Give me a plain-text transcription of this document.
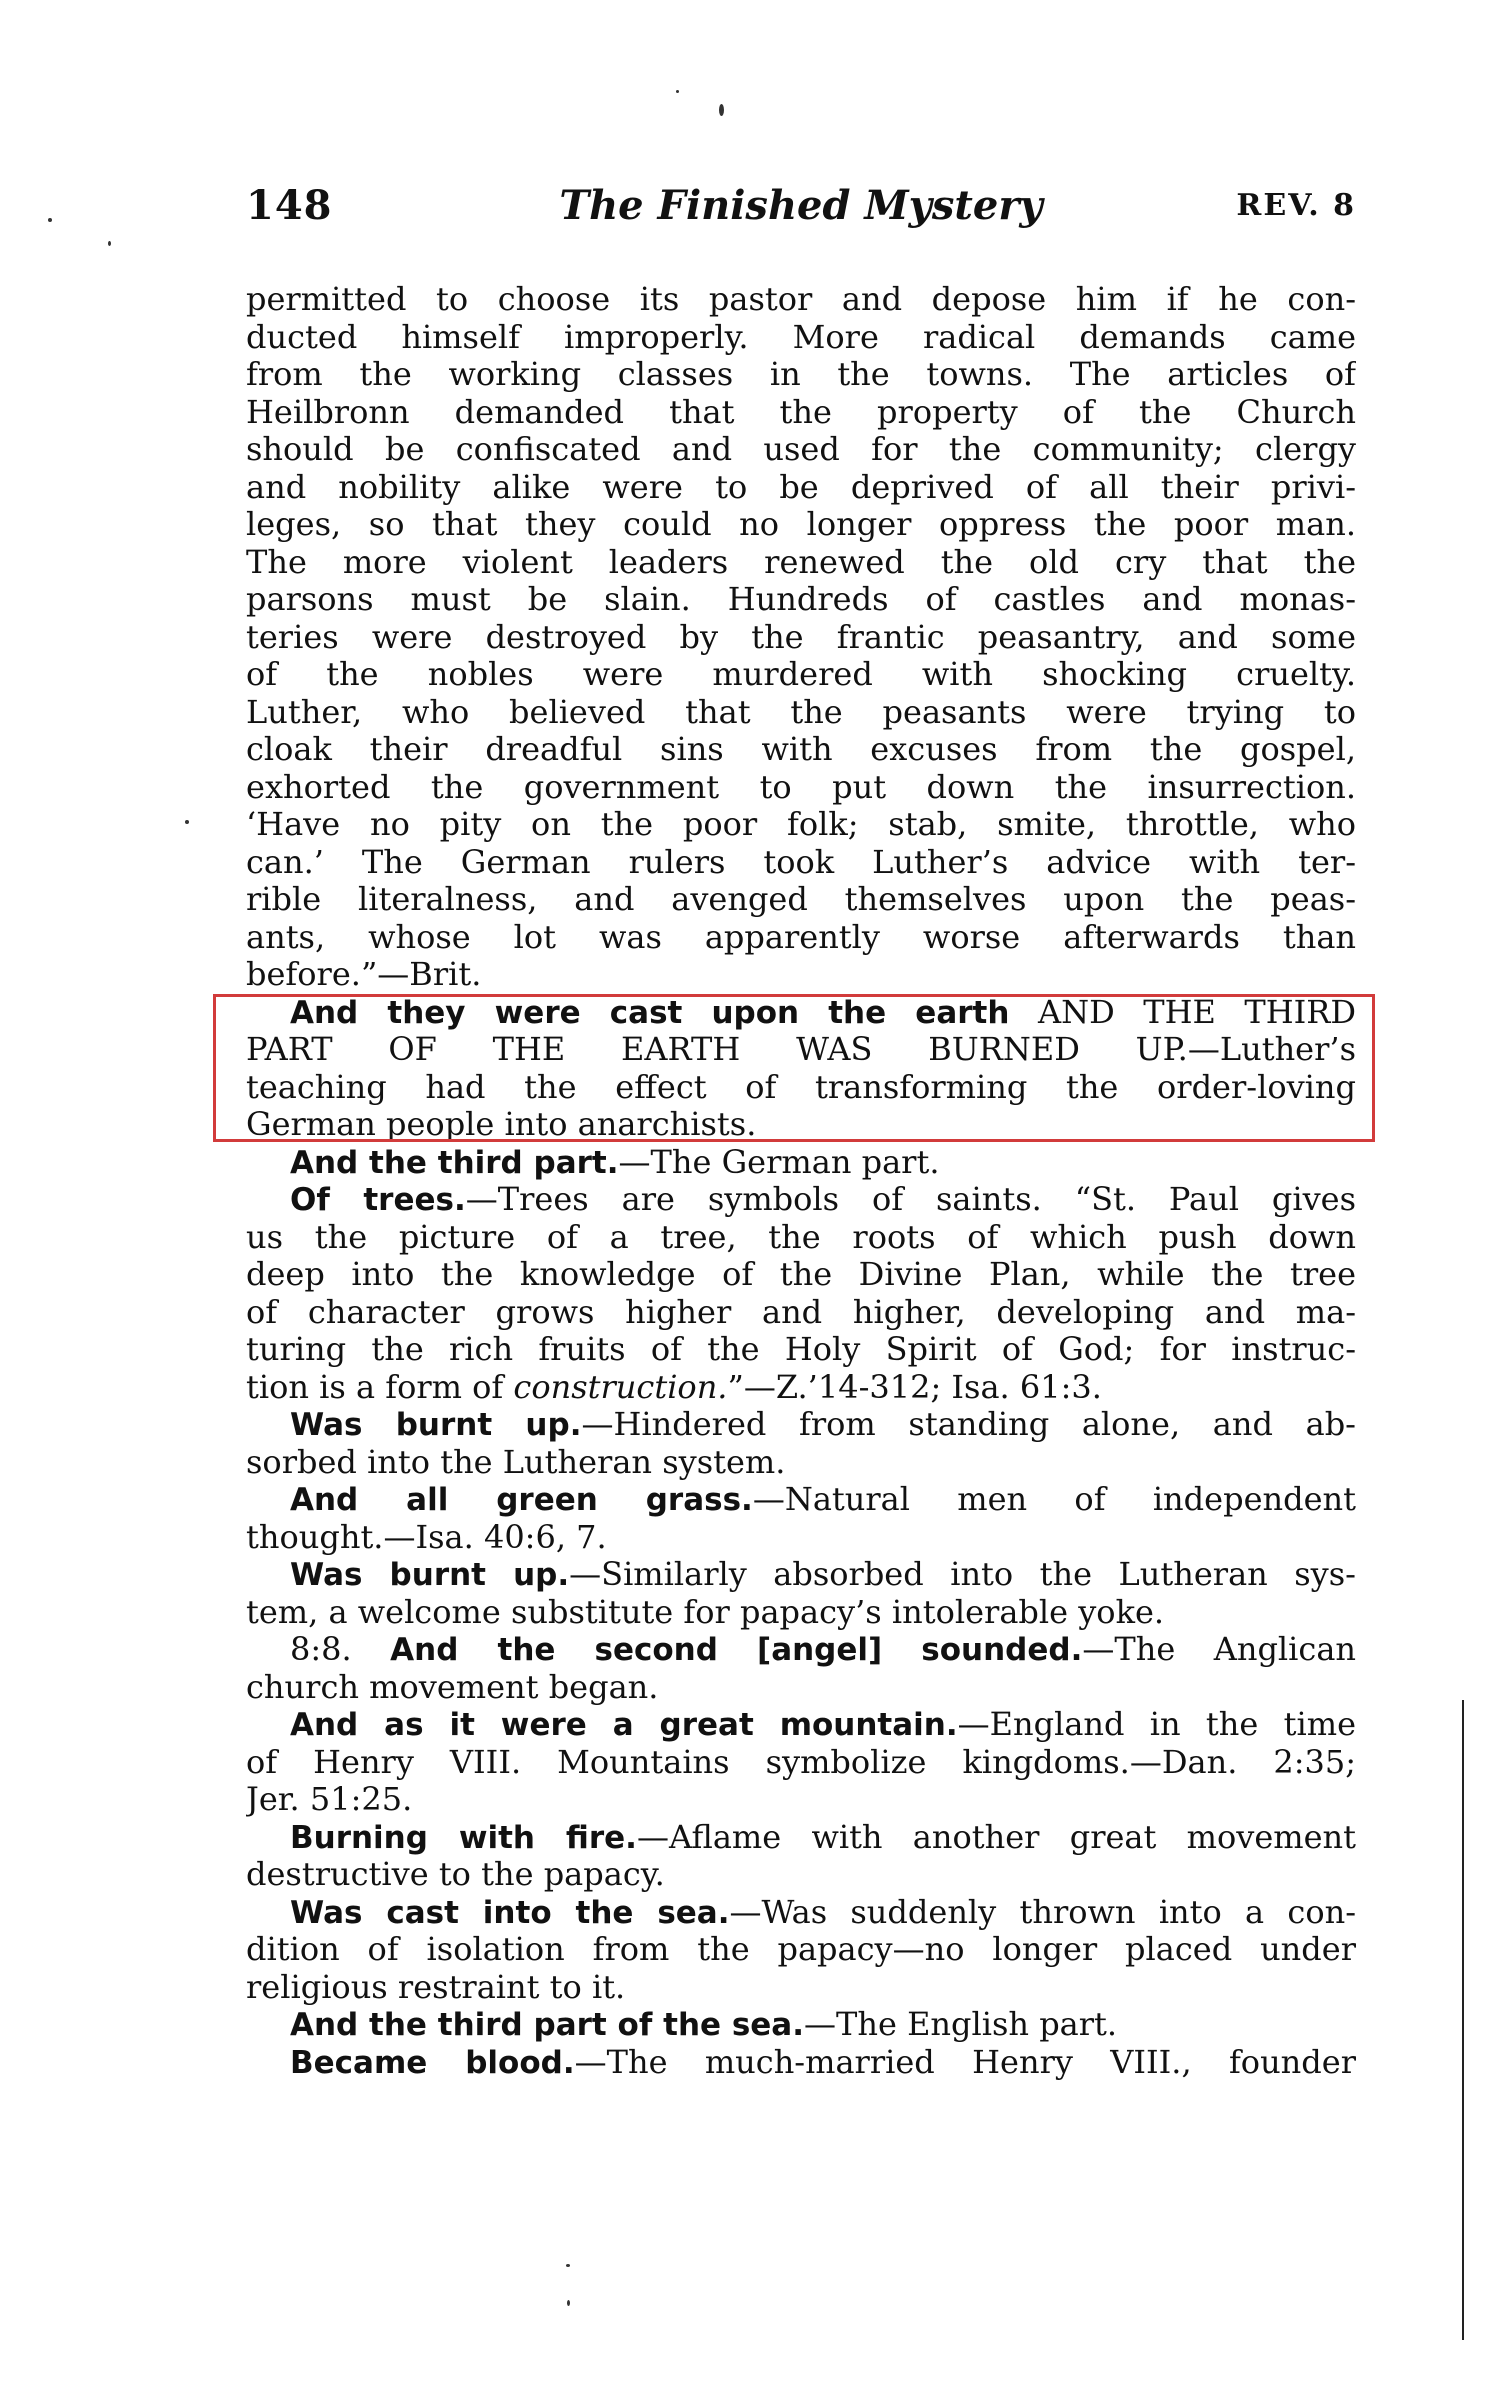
148	The Finished Mystery	REV. 8
permitted to choose its pastor and depose him if he con-
ducted himself improperly. More radical demands came
from the working classes in the towns. The articles of
Heilbronn demanded that the property of the Church
should be confiscated and used for the community; clergy
and nobility alike were to be deprived of all their privi-
leges, so that they could no longer oppress the poor man.
The more violent leaders renewed the old cry that the
parsons must be slain. Hundreds of castles and monas-
teries were destroyed by the frantic peasantry, and some
of the nobles were murdered with shocking cruelty.
Luther, who believed that the peasants were trying to
cloak their dreadful sins with excuses from the gospel,
exhorted the government to put down the insurrection.
‘Have no pity on the poor folk; stab, smite, throttle, who
can.’ The German rulers took Luther’s advice with ter-
rible literalness, and avenged themselves upon the peas-
ants, whose lot was apparently worse afterwards than
before.”—Brit.
And they were cast upon the earth AND THE THIRD
PART OF THE EARTH WAS BURNED UP.—Luther’s
teaching had the effect of transforming the order-loving
German people into anarchists.
And the third part.—The German part.
Of trees.—Trees are symbols of saints. “St. Paul gives
us the picture of a tree, the roots of which push down
deep into the knowledge of the Divine Plan, while the tree
of character grows higher and higher, developing and ma-
turing the rich fruits of the Holy Spirit of God; for instruc-
tion is a form of construction.”—Z.’14-312; Isa. 61:3.
Was burnt up.—Hindered from standing alone, and ab-
sorbed into the Lutheran system.
And all green grass.—Natural men of independent
thought.—Isa. 40:6, 7.
Was burnt up.—Similarly absorbed into the Lutheran sys-
tem, a welcome substitute for papacy’s intolerable yoke.
8:8. And the second [angel] sounded.—The Anglican
church movement began.
And as it were a great mountain.—England in the time
of Henry VIII. Mountains symbolize kingdoms.—Dan. 2:35;
Jer. 51:25.
Burning with fire.—Aflame with another great movement
destructive to the papacy.
Was cast into the sea.—Was suddenly thrown into a con-
dition of isolation from the papacy—no longer placed under
religious restraint to it.
And the third part of the sea.—The English part.
Became blood.—The much-married Henry VIII., founder
